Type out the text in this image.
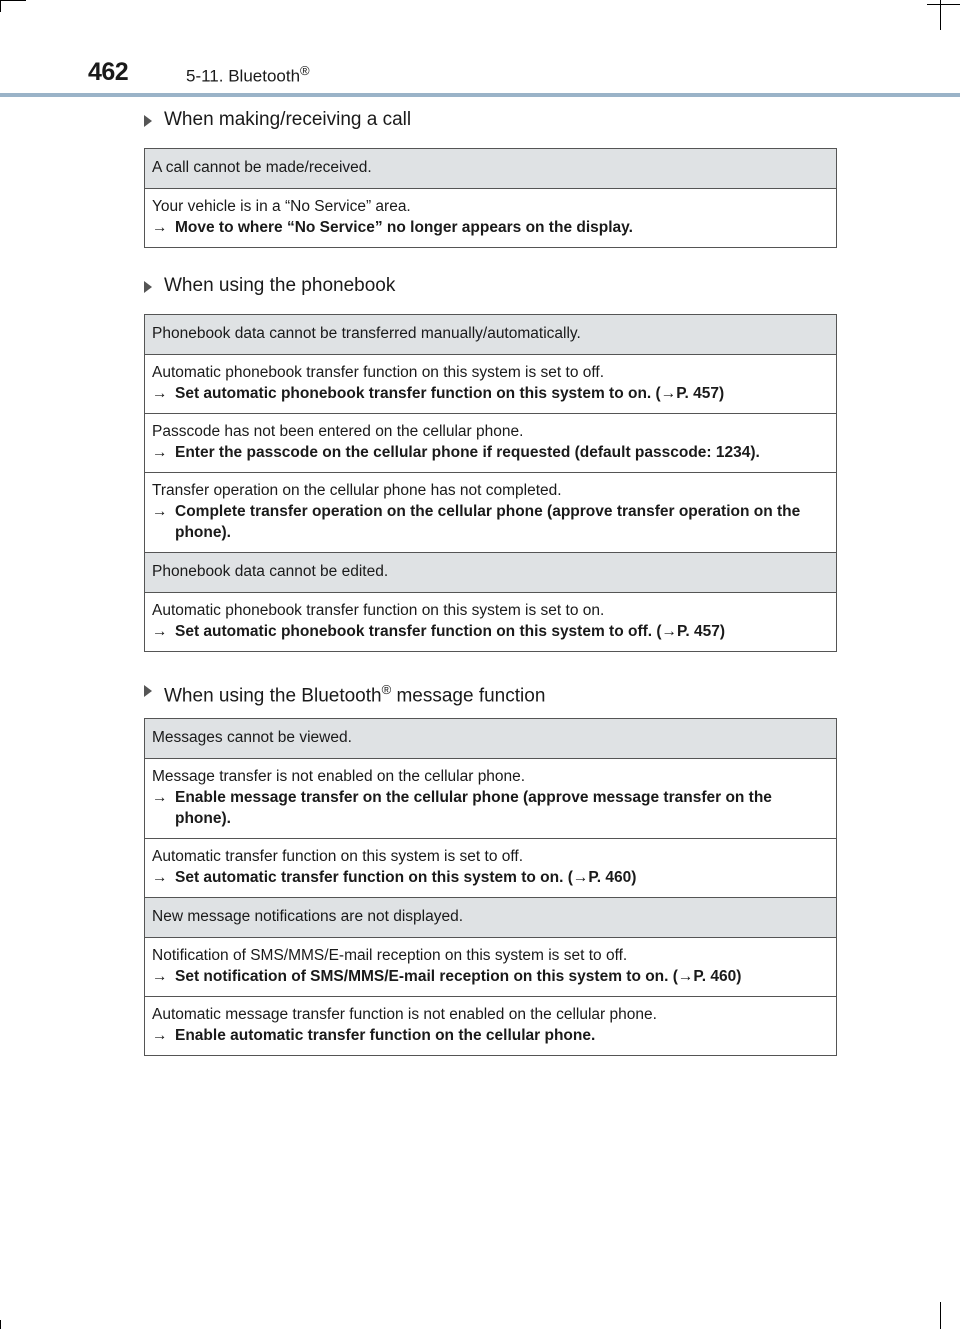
462	5-11. Bluetooth®
When making/receiving a call
A call cannot be made/received.
Your vehicle is in a “No Service” area.
→ Move to where “No Service” no longer appears on the display.
When using the phonebook
Phonebook data cannot be transferred manually/automatically.
Automatic phonebook transfer function on this system is set to off.
→ Set automatic phonebook transfer function on this system to on. (→P. 457)
Passcode has not been entered on the cellular phone.
→ Enter the passcode on the cellular phone if requested (default passcode: 1234).
Transfer operation on the cellular phone has not completed.
→ Complete transfer operation on the cellular phone (approve transfer operation on the phone).
Phonebook data cannot be edited.
Automatic phonebook transfer function on this system is set to on.
→ Set automatic phonebook transfer function on this system to off. (→P. 457)
When using the Bluetooth® message function
Messages cannot be viewed.
Message transfer is not enabled on the cellular phone.
→ Enable message transfer on the cellular phone (approve message transfer on the phone).
Automatic transfer function on this system is set to off.
→ Set automatic transfer function on this system to on. (→P. 460)
New message notifications are not displayed.
Notification of SMS/MMS/E-mail reception on this system is set to off.
→ Set notification of SMS/MMS/E-mail reception on this system to on. (→P. 460)
Automatic message transfer function is not enabled on the cellular phone.
→ Enable automatic transfer function on the cellular phone.
